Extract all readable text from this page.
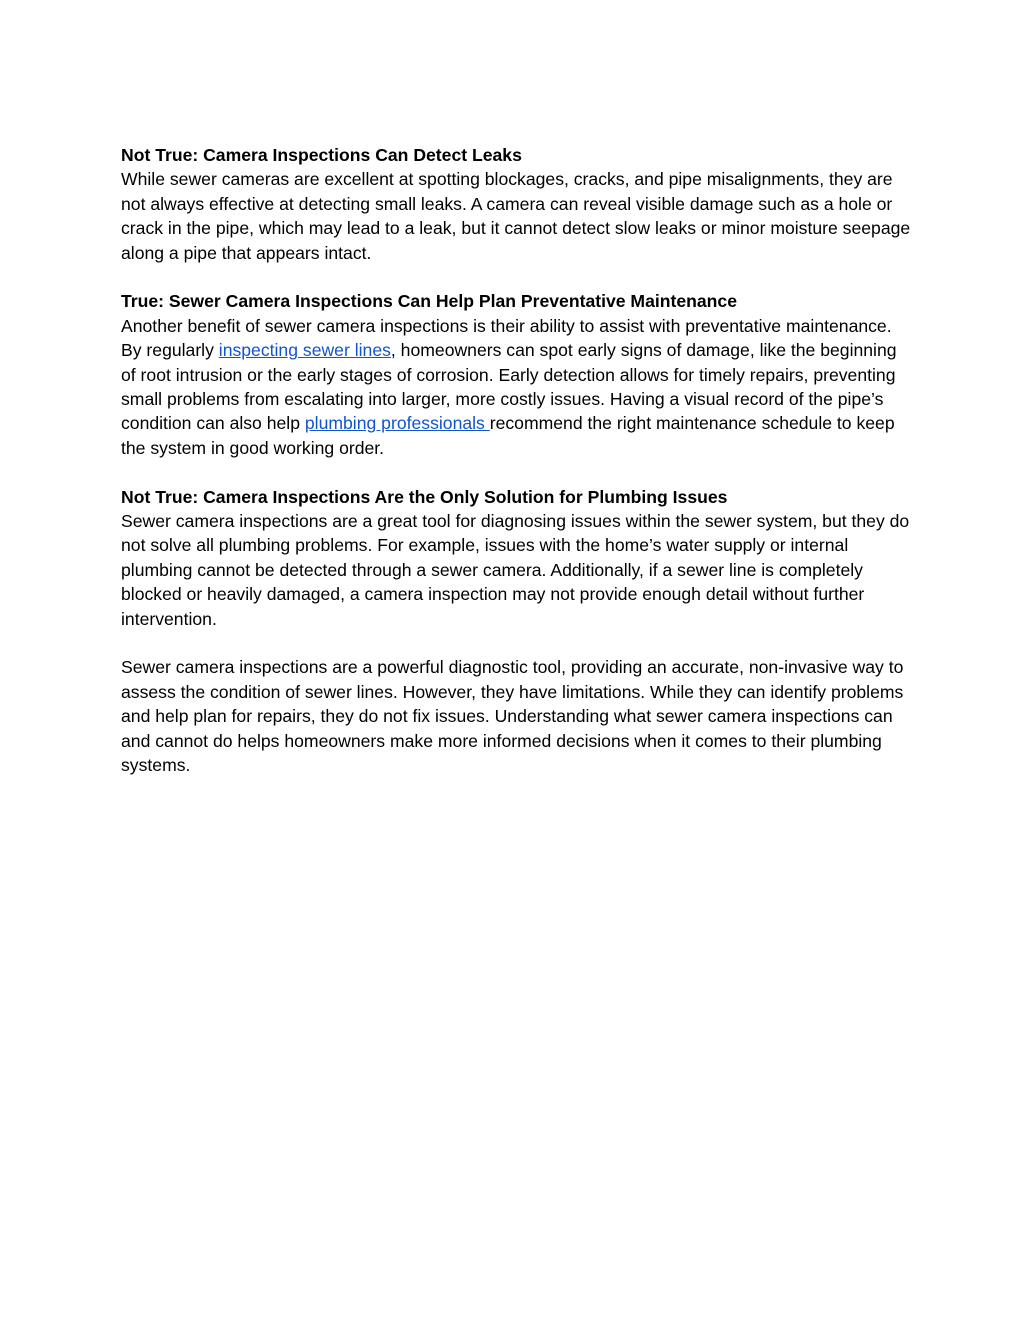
Not True: Camera Inspections Can Detect Leaks
While sewer cameras are excellent at spotting blockages, cracks, and pipe misalignments, they are not always effective at detecting small leaks. A camera can reveal visible damage such as a hole or crack in the pipe, which may lead to a leak, but it cannot detect slow leaks or minor moisture seepage along a pipe that appears intact.
True: Sewer Camera Inspections Can Help Plan Preventative Maintenance
Another benefit of sewer camera inspections is their ability to assist with preventative maintenance. By regularly inspecting sewer lines, homeowners can spot early signs of damage, like the beginning of root intrusion or the early stages of corrosion. Early detection allows for timely repairs, preventing small problems from escalating into larger, more costly issues. Having a visual record of the pipe’s condition can also help plumbing professionals recommend the right maintenance schedule to keep the system in good working order.
Not True: Camera Inspections Are the Only Solution for Plumbing Issues
Sewer camera inspections are a great tool for diagnosing issues within the sewer system, but they do not solve all plumbing problems. For example, issues with the home’s water supply or internal plumbing cannot be detected through a sewer camera. Additionally, if a sewer line is completely blocked or heavily damaged, a camera inspection may not provide enough detail without further intervention.
Sewer camera inspections are a powerful diagnostic tool, providing an accurate, non-invasive way to assess the condition of sewer lines. However, they have limitations. While they can identify problems and help plan for repairs, they do not fix issues. Understanding what sewer camera inspections can and cannot do helps homeowners make more informed decisions when it comes to their plumbing systems.
